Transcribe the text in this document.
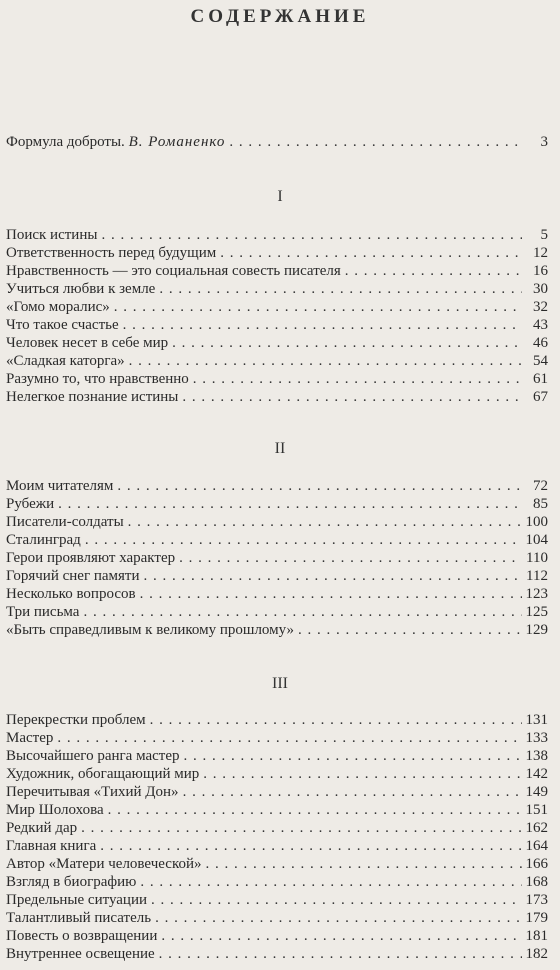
СОДЕРЖАНИЕ
Формула доброты. В. Романенко . . .	3
I
Поиск истины . . .	5
Ответственность перед будущим . . .	12
Нравственность — это социальная совесть писателя . . .	16
Учиться любви к земле . . .	30
«Гомо моралис» . . .	32
Что такое счастье . . .	43
Человек несет в себе мир . . .	46
«Сладкая каторга» . . .	54
Разумно то, что нравственно . . .	61
Нелегкое познание истины . . .	67
II
Моим читателям . . .	72
Рубежи . . .	85
Писатели-солдаты . . .	100
Сталинград . . .	104
Герои проявляют характер . . .	110
Горячий снег памяти . . .	112
Несколько вопросов . . .	123
Три письма . . .	125
«Быть справедливым к великому прошлому» . . .	129
III
Перекрестки проблем . . .	131
Мастер . . .	133
Высочайшего ранга мастер . . .	138
Художник, обогащающий мир . . .	142
Перечитывая «Тихий Дон» . . .	149
Мир Шолохова . . .	151
Редкий дар . . .	162
Главная книга . . .	164
Автор «Матери человеческой» . . .	166
Взгляд в биографию . . .	168
Предельные ситуации . . .	173
Талантливый писатель . . .	179
Повесть о возвращении . . .	181
Внутреннее освещение . . .	182
